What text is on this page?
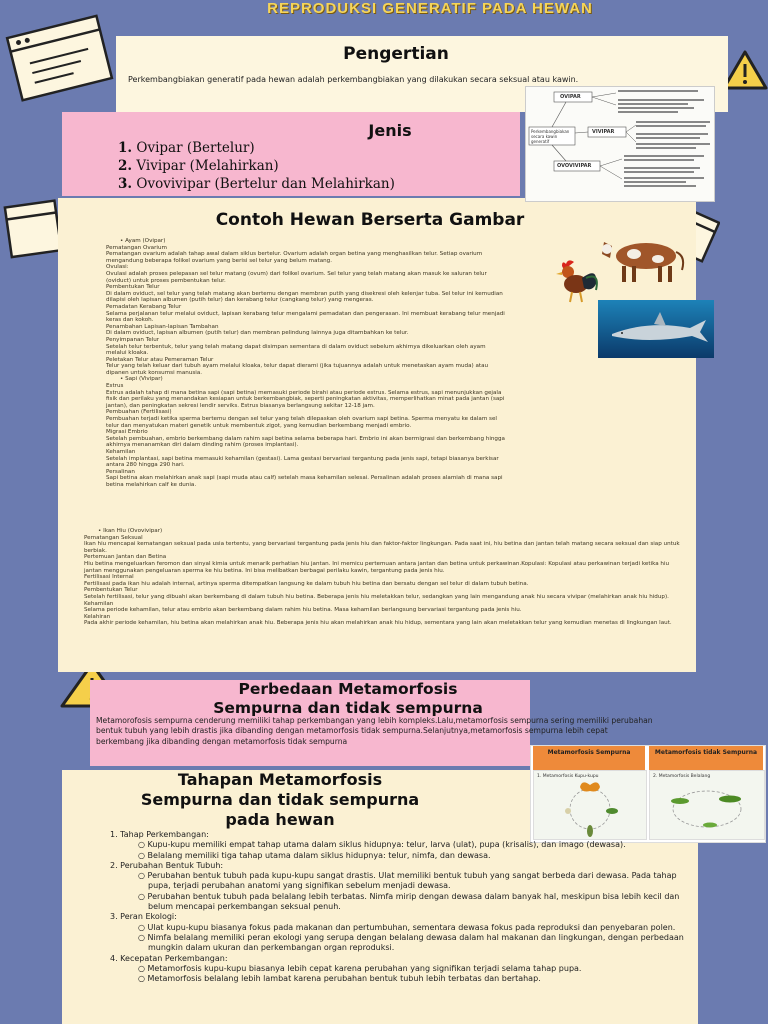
REPRODUKSI GENERATIF PADA HEWAN
Pengertian
Perkembangbiakan generatif pada hewan adalah perkembangbiakan yang dilakukan secara seksual atau kawin.
Jenis
1. Ovipar (Bertelur)
2. Vivipar (Melahirkan)
3. Ovovivipar (Bertelur dan Melahirkan)
Perkembangbiakan secara kawin generatif
OVIPAR
VIVIPAR
OVOVIVIPAR
Contoh Hewan Berserta Gambar
• Ayam (Ovipar)
Pematangan Ovarium
Pematangan ovarium adalah tahap awal dalam siklus bertelur. Ovarium adalah organ betina yang menghasilkan telur. Setiap ovarium mengandung beberapa folikel ovarium yang berisi sel telur yang belum matang.
Ovulasi:
Ovulasi adalah proses pelepasan sel telur matang (ovum) dari folikel ovarium. Sel telur yang telah matang akan masuk ke saluran telur (oviduct) untuk proses pembentukan telur.
Pembentukan Telur
Di dalam oviduct, sel telur yang telah matang akan bertemu dengan membran putih yang disekresi oleh kelenjar tuba. Sel telur ini kemudian dilapisi oleh lapisan albumen (putih telur) dan kerabang telur (cangkang telur) yang mengeras.
Pemadatan Kerabang Telur
Selama perjalanan telur melalui oviduct, lapisan kerabang telur mengalami pemadatan dan pengerasan. Ini membuat kerabang telur menjadi keras dan kokoh.
Penambahan Lapisan-lapisan Tambahan
Di dalam oviduct, lapisan albumen (putih telur) dan membran pelindung lainnya juga ditambahkan ke telur.
Penyimpanan Telur
Setelah telur terbentuk, telur yang telah matang dapat disimpan sementara di dalam oviduct sebelum akhirnya dikeluarkan oleh ayam melalui kloaka.
Peletakan Telur atau Pemeraman Telur
Telur yang telah keluar dari tubuh ayam melalui kloaka, telur dapat dierami (jika tujuannya adalah untuk menetaskan ayam muda) atau dipanen untuk konsumsi manusia.
• Sapi (Vivipar)
Estrus
Estrus adalah tahap di mana betina sapi (sapi betina) memasuki periode birahi atau periode estrus. Selama estrus, sapi menunjukkan gejala fisik dan perilaku yang menandakan kesiapan untuk berkembangbiak, seperti peningkatan aktivitas, memperlihatkan minat pada jantan (sapi jantan), dan peningkatan sekresi lendir serviks. Estrus biasanya berlangsung sekitar 12-18 jam.
Pembuahan (Fertilisasi)
Pembuahan terjadi ketika sperma bertemu dengan sel telur yang telah dilepaskan oleh ovarium sapi betina. Sperma menyatu ke dalam sel telur dan menyatukan materi genetik untuk membentuk zigot, yang kemudian berkembang menjadi embrio.
Migrasi Embrio
Setelah pembuahan, embrio berkembang dalam rahim sapi betina selama beberapa hari. Embrio ini akan bermigrasi dan berkembang hingga akhirnya menanamkan diri dalam dinding rahim (proses implantasi).
Kehamilan
Setelah implantasi, sapi betina memasuki kehamilan (gestasi). Lama gestasi bervariasi tergantung pada jenis sapi, tetapi biasanya berkisar antara 280 hingga 290 hari.
Persalinan
Sapi betina akan melahirkan anak sapi (sapi muda atau calf) setelah masa kehamilan selesai. Persalinan adalah proses alamiah di mana sapi betina melahirkan calf ke dunia.
• Ikan Hiu (Ovovivipar)
Pematangan Seksual
Ikan hiu mencapai kematangan seksual pada usia tertentu, yang bervariasi tergantung pada jenis hiu dan faktor-faktor lingkungan. Pada saat ini, hiu betina dan jantan telah matang secara seksual dan siap untuk berbiak.
Pertemuan Jantan dan Betina
Hiu betina mengeluarkan feromon dan sinyal kimia untuk menarik perhatian hiu jantan. Ini memicu pertemuan antara jantan dan betina untuk perkawinan.Kopulasi: Kopulasi atau perkawinan terjadi ketika hiu jantan menggunakan pengeluaran sperma ke hiu betina. Ini bisa melibatkan berbagai perilaku kawin, tergantung pada jenis hiu.
Fertilisasi Internal
Fertilisasi pada ikan hiu adalah internal, artinya sperma ditempatkan langsung ke dalam tubuh hiu betina dan bersatu dengan sel telur di dalam tubuh betina.
Pembentukan Telur
Setelah fertilisasi, telur yang dibuahi akan berkembang di dalam tubuh hiu betina. Beberapa jenis hiu meletakkan telur, sedangkan yang lain mengandung anak hiu secara vivipar (melahirkan anak hiu hidup).
Kehamilan
Selama periode kehamilan, telur atau embrio akan berkembang dalam rahim hiu betina. Masa kehamilan berlangsung bervariasi tergantung pada jenis hiu.
Kelahiran
Pada akhir periode kehamilan, hiu betina akan melahirkan anak hiu. Beberapa jenis hiu akan melahirkan anak hiu hidup, sementara yang lain akan meletakkan telur yang kemudian menetas di lingkungan laut.
Perbedaan Metamorfosis
Sempurna dan tidak sempurna
Metamorofosis sempurna cenderung memiliki tahap perkembangan yang lebih kompleks.Lalu,metamorfosis sempurna sering memiliki perubahan bentuk tubuh yang lebih drastis jika dibanding dengan metamorfosis tidak sempurna.Selanjutnya,metamorfosis sempurna lebih cepat berkembang jika dibanding dengan metamorfosis tidak sempurna
Metamorfosis Sempurna	Metamorfosis tidak Sempurna
1. Metamorfosis Kupu-kupu	2. Metamorfosis Belalang
Tahapan Metamorfosis
Sempurna dan tidak sempurna
pada hewan
1. Tahap Perkembangan:
○ Kupu-kupu memiliki empat tahap utama dalam siklus hidupnya: telur, larva (ulat), pupa (krisalis), dan imago (dewasa).
○ Belalang memiliki tiga tahap utama dalam siklus hidupnya: telur, nimfa, dan dewasa.
2. Perubahan Bentuk Tubuh:
○ Perubahan bentuk tubuh pada kupu-kupu sangat drastis. Ulat memiliki bentuk tubuh yang sangat berbeda dari dewasa. Pada tahap pupa, terjadi perubahan anatomi yang signifikan sebelum menjadi dewasa.
○ Perubahan bentuk tubuh pada belalang lebih terbatas. Nimfa mirip dengan dewasa dalam banyak hal, meskipun bisa lebih kecil dan belum mencapai perkembangan seksual penuh.
3. Peran Ekologi:
○ Ulat kupu-kupu biasanya fokus pada makanan dan pertumbuhan, sementara dewasa fokus pada reproduksi dan penyebaran polen.
○ Nimfa belalang memiliki peran ekologi yang serupa dengan belalang dewasa dalam hal makanan dan lingkungan, dengan perbedaan mungkin dalam ukuran dan perkembangan organ reproduksi.
4. Kecepatan Perkembangan:
○ Metamorfosis kupu-kupu biasanya lebih cepat karena perubahan yang signifikan terjadi selama tahap pupa.
○ Metamorfosis belalang lebih lambat karena perubahan bentuk tubuh lebih terbatas dan bertahap.
